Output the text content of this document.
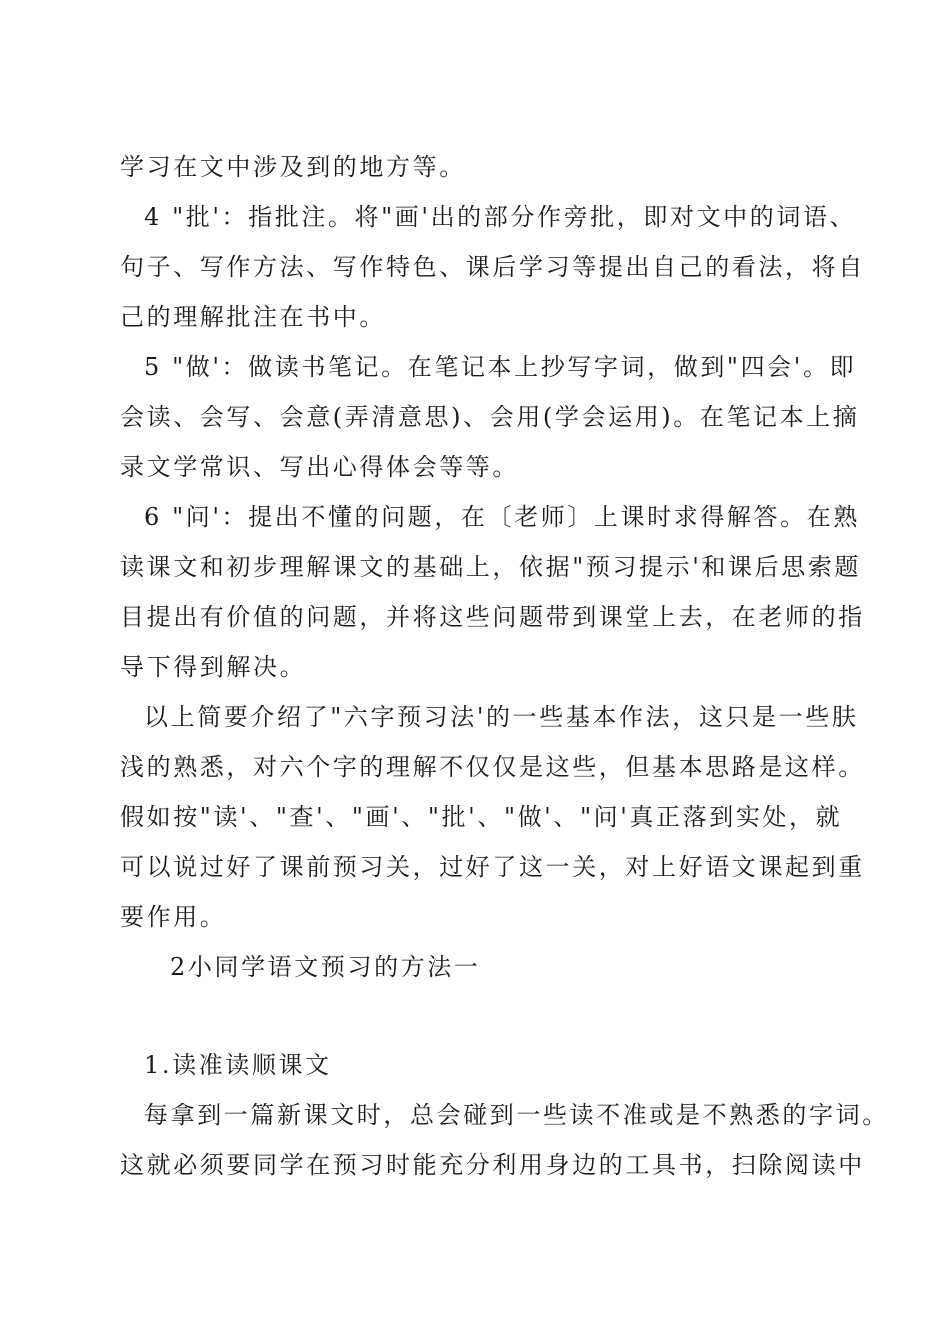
学习在文中涉及到的地方等。
4 "批'：指批注。将"画'出的部分作旁批，即对文中的词语、
句子、写作方法、写作特色、课后学习等提出自己的看法，将自
己的理解批注在书中。
5 "做'：做读书笔记。在笔记本上抄写字词，做到"四会'。即
会读、会写、会意(弄清意思)、会用(学会运用)。在笔记本上摘
录文学常识、写出心得体会等等。
6 "问'：提出不懂的问题，在〔老师〕上课时求得解答。在熟
读课文和初步理解课文的基础上，依据"预习提示'和课后思索题
目提出有价值的问题，并将这些问题带到课堂上去，在老师的指
导下得到解决。
以上简要介绍了"六字预习法'的一些基本作法，这只是一些肤
浅的熟悉，对六个字的理解不仅仅是这些，但基本思路是这样。
假如按"读'、"查'、"画'、"批'、"做'、"问'真正落到实处，就
可以说过好了课前预习关，过好了这一关，对上好语文课起到重
要作用。
2小同学语文预习的方法一
1.读准读顺课文
每拿到一篇新课文时，总会碰到一些读不准或是不熟悉的字词。
这就必须要同学在预习时能充分利用身边的工具书，扫除阅读中
